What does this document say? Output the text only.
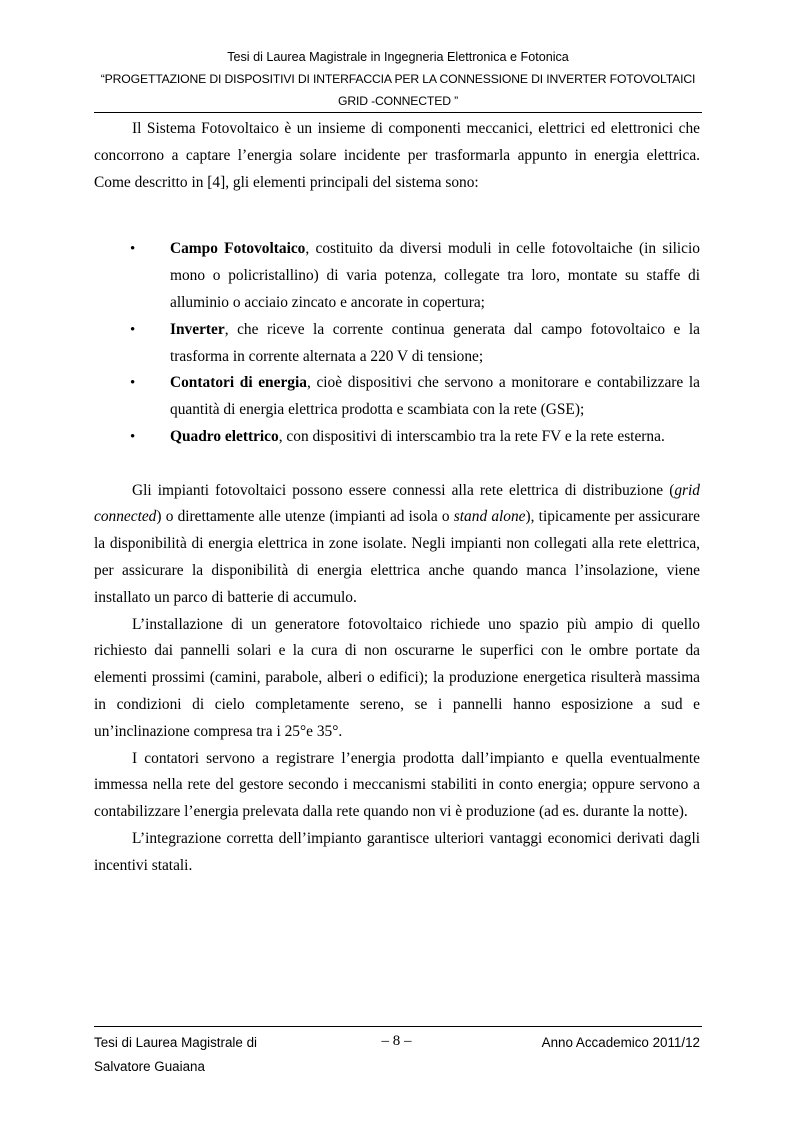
Tesi di Laurea Magistrale in Ingegneria Elettronica e Fotonica
“PROGETTAZIONE DI DISPOSITIVI DI INTERFACCIA PER LA CONNESSIONE DI INVERTER FOTOVOLTAICI
GRID -CONNECTED ”

Il Sistema Fotovoltaico è un insieme di componenti meccanici, elettrici ed elettronici che concorrono a captare l’energia solare incidente per trasformarla appunto in energia elettrica. Come descritto in [4], gli elementi principali del sistema sono:

• Campo Fotovoltaico, costituito da diversi moduli in celle fotovoltaiche (in silicio mono o policristallino) di varia potenza, collegate tra loro, montate su staffe di alluminio o acciaio zincato e ancorate in copertura;
• Inverter, che riceve la corrente continua generata dal campo fotovoltaico e la trasforma in corrente alternata a 220 V di tensione;
• Contatori di energia, cioè dispositivi che servono a monitorare e contabilizzare la quantità di energia elettrica prodotta e scambiata con la rete (GSE);
• Quadro elettrico, con dispositivi di interscambio tra la rete FV e la rete esterna.

Gli impianti fotovoltaici possono essere connessi alla rete elettrica di distribuzione (grid connected) o direttamente alle utenze (impianti ad isola o stand alone), tipicamente per assicurare la disponibilità di energia elettrica in zone isolate. Negli impianti non collegati alla rete elettrica, per assicurare la disponibilità di energia elettrica anche quando manca l’insolazione, viene installato un parco di batterie di accumulo.

L’installazione di un generatore fotovoltaico richiede uno spazio più ampio di quello richiesto dai pannelli solari e la cura di non oscurarne le superfici con le ombre portate da elementi prossimi (camini, parabole, alberi o edifici); la produzione energetica risulterà massima in condizioni di cielo completamente sereno, se i pannelli hanno esposizione a sud e un’inclinazione compresa tra i 25°e 35°.

I contatori servono a registrare l’energia prodotta dall’impianto e quella eventualmente immessa nella rete del gestore secondo i meccanismi stabiliti in conto energia; oppure servono a contabilizzare l’energia prelevata dalla rete quando non vi è produzione (ad es. durante la notte).

L’integrazione corretta dell’impianto garantisce ulteriori vantaggi economici derivati dagli incentivi statali.

Tesi di Laurea Magistrale di
Salvatore Guaiana
– 8 –	Anno Accademico 2011/12
